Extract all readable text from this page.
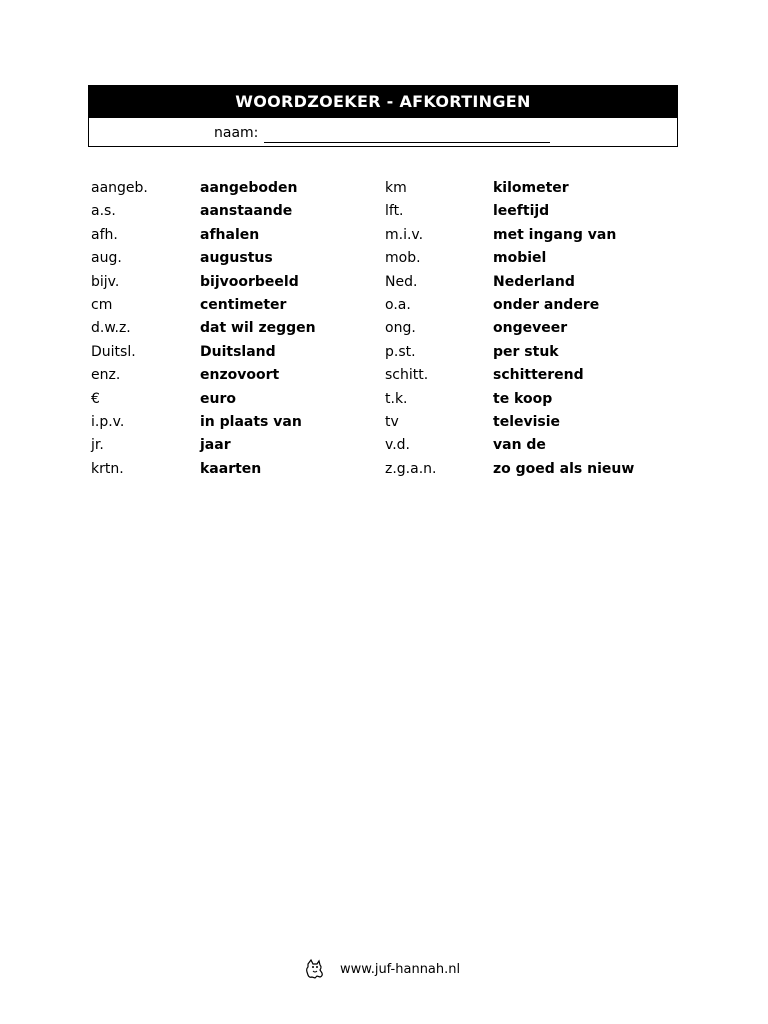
WOORDZOEKER - AFKORTINGEN
naam:
aangeb.	aangeboden	km	kilometer
a.s.	aanstaande	lft.	leeftijd
afh.	afhalen	m.i.v.	met ingang van
aug.	augustus	mob.	mobiel
bijv.	bijvoorbeeld	Ned.	Nederland
cm	centimeter	o.a.	onder andere
d.w.z.	dat wil zeggen	ong.	ongeveer
Duitsl.	Duitsland	p.st.	per stuk
enz.	enzovoort	schitt.	schitterend
€	euro	t.k.	te koop
i.p.v.	in plaats van	tv	televisie
jr.	jaar	v.d.	van de
krtn.	kaarten	z.g.a.n.	zo goed als nieuw
www.juf-hannah.nl
